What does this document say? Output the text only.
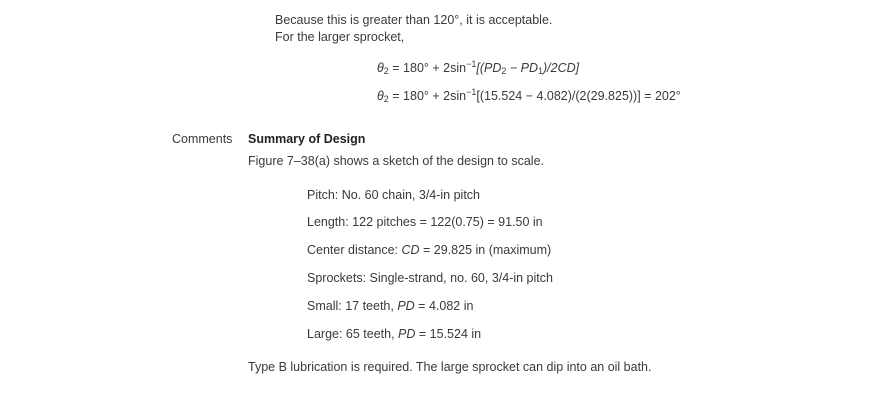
Because this is greater than 120°, it is acceptable.
For the larger sprocket,
$\theta 2 = 180^\circ + 2\sin^{-1}[(PD2 - PD1)/2CD]$
$\theta 2 = 180^\circ + 2\sin^{-1}[(15.524 - 4.082)/(2(29.825))] = 202^\circ$
Comments Summary of Design
Figure 7–38(a) shows a sketch of the design to scale.
Pitch: No. 60 chain, 3/4-in pitch
Length: 122 pitches = 122(0.75) = 91.50 in
Center distance: CD = 29.825 in (maximum)
Sprockets: Single-strand, no. 60, 3/4-in pitch
Small: 17 teeth, PD = 4.082 in
Large: 65 teeth, PD = 15.524 in
Type B lubrication is required. The large sprocket can dip into an oil bath.
